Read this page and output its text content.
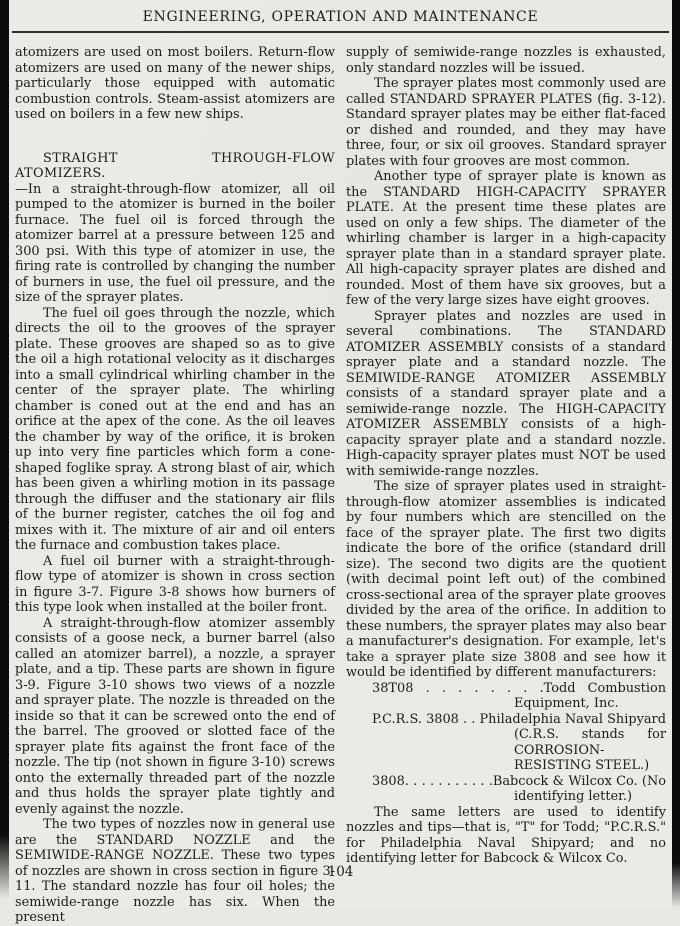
ENGINEERING, OPERATION AND MAINTENANCE

atomizers are used on most boilers. Return-flow atomizers are used on many of the newer ships, particularly those equipped with automatic combustion controls. Steam-assist atomizers are used on boilers in a few new ships.

STRAIGHT THROUGH-FLOW ATOMIZERS.

—In a straight-through-flow atomizer, all oil pumped to the atomizer is burned in the boiler furnace. The fuel oil is forced through the atomizer barrel at a pressure between 125 and 300 psi. With this type of atomizer in use, the firing rate is controlled by changing the number of burners in use, the fuel oil pressure, and the size of the sprayer plates.

The fuel oil goes through the nozzle, which directs the oil to the grooves of the sprayer plate. These grooves are shaped so as to give the oil a high rotational velocity as it discharges into a small cylindrical whirling chamber in the center of the sprayer plate. The whirling chamber is coned out at the end and has an orifice at the apex of the cone. As the oil leaves the chamber by way of the orifice, it is broken up into very fine particles which form a cone-shaped foglike spray. A strong blast of air, which has been given a whirling motion in its passage through the diffuser and the stationary air flils of the burner register, catches the oil fog and mixes with it. The mixture of air and oil enters the furnace and combustion takes place.

A fuel oil burner with a straight-through-flow type of atomizer is shown in cross section in figure 3-7. Figure 3-8 shows how burners of this type look when installed at the boiler front.

A straight-through-flow atomizer assembly consists of a goose neck, a burner barrel (also called an atomizer barrel), a nozzle, a sprayer plate, and a tip. These parts are shown in figure 3-9. Figure 3-10 shows two views of a nozzle and sprayer plate. The nozzle is threaded on the inside so that it can be screwed onto the end of the barrel. The grooved or slotted face of the sprayer plate fits against the front face of the nozzle. The tip (not shown in figure 3-10) screws onto the externally threaded part of the nozzle and thus holds the sprayer plate tightly and evenly against the nozzle.

The two types of nozzles now in general use are the STANDARD NOZZLE and the SEMIWIDE-RANGE NOZZLE. These two types of nozzles are shown in cross section in figure 3-11. The standard nozzle has four oil holes; the semiwide-range nozzle has six. When the present

supply of semiwide-range nozzles is exhausted, only standard nozzles will be issued.

The sprayer plates most commonly used are called STANDARD SPRAYER PLATES (fig. 3-12). Standard sprayer plates may be either flat-faced or dished and rounded, and they may have three, four, or six oil grooves. Standard sprayer plates with four grooves are most common.

Another type of sprayer plate is known as the STANDARD HIGH-CAPACITY SPRAYER PLATE. At the present time these plates are used on only a few ships. The diameter of the whirling chamber is larger in a high-capacity sprayer plate than in a standard sprayer plate. All high-capacity sprayer plates are dished and rounded. Most of them have six grooves, but a few of the very large sizes have eight grooves.

Sprayer plates and nozzles are used in several combinations. The STANDARD ATOMIZER ASSEMBLY consists of a standard sprayer plate and a standard nozzle. The SEMIWIDE-RANGE ATOMIZER ASSEMBLY consists of a standard sprayer plate and a semiwide-range nozzle. The HIGH-CAPACITY ATOMIZER ASSEMBLY consists of a high-capacity sprayer plate and a standard nozzle. High-capacity sprayer plates must NOT be used with semiwide-range nozzles.

The size of sprayer plates used in straight-through-flow atomizer assemblies is indicated by four numbers which are stencilled on the face of the sprayer plate. The first two digits indicate the bore of the orifice (standard drill size). The second two digits are the quotient (with decimal point left out) of the combined cross-sectional area of the sprayer plate grooves divided by the area of the orifice. In addition to these numbers, the sprayer plates may also bear a manufacturer's designation. For example, let's take a sprayer plate size 3808 and see how it would be identified by different manufacturers:

38T08 . . . . . . . .Todd Combustion Equipment, Inc.
P.C.R.S. 3808 . . Philadelphia Naval Shipyard (C.R.S. stands for CORROSION- RESISTING STEEL.)
3808. . . . . . . . . . .Babcock & Wilcox Co. (No identifying letter.)

The same letters are used to identify nozzles and tips—that is, "T" for Todd; "P.C.R.S." for Philadelphia Naval Shipyard; and no identifying letter for Babcock & Wilcox Co.

104
